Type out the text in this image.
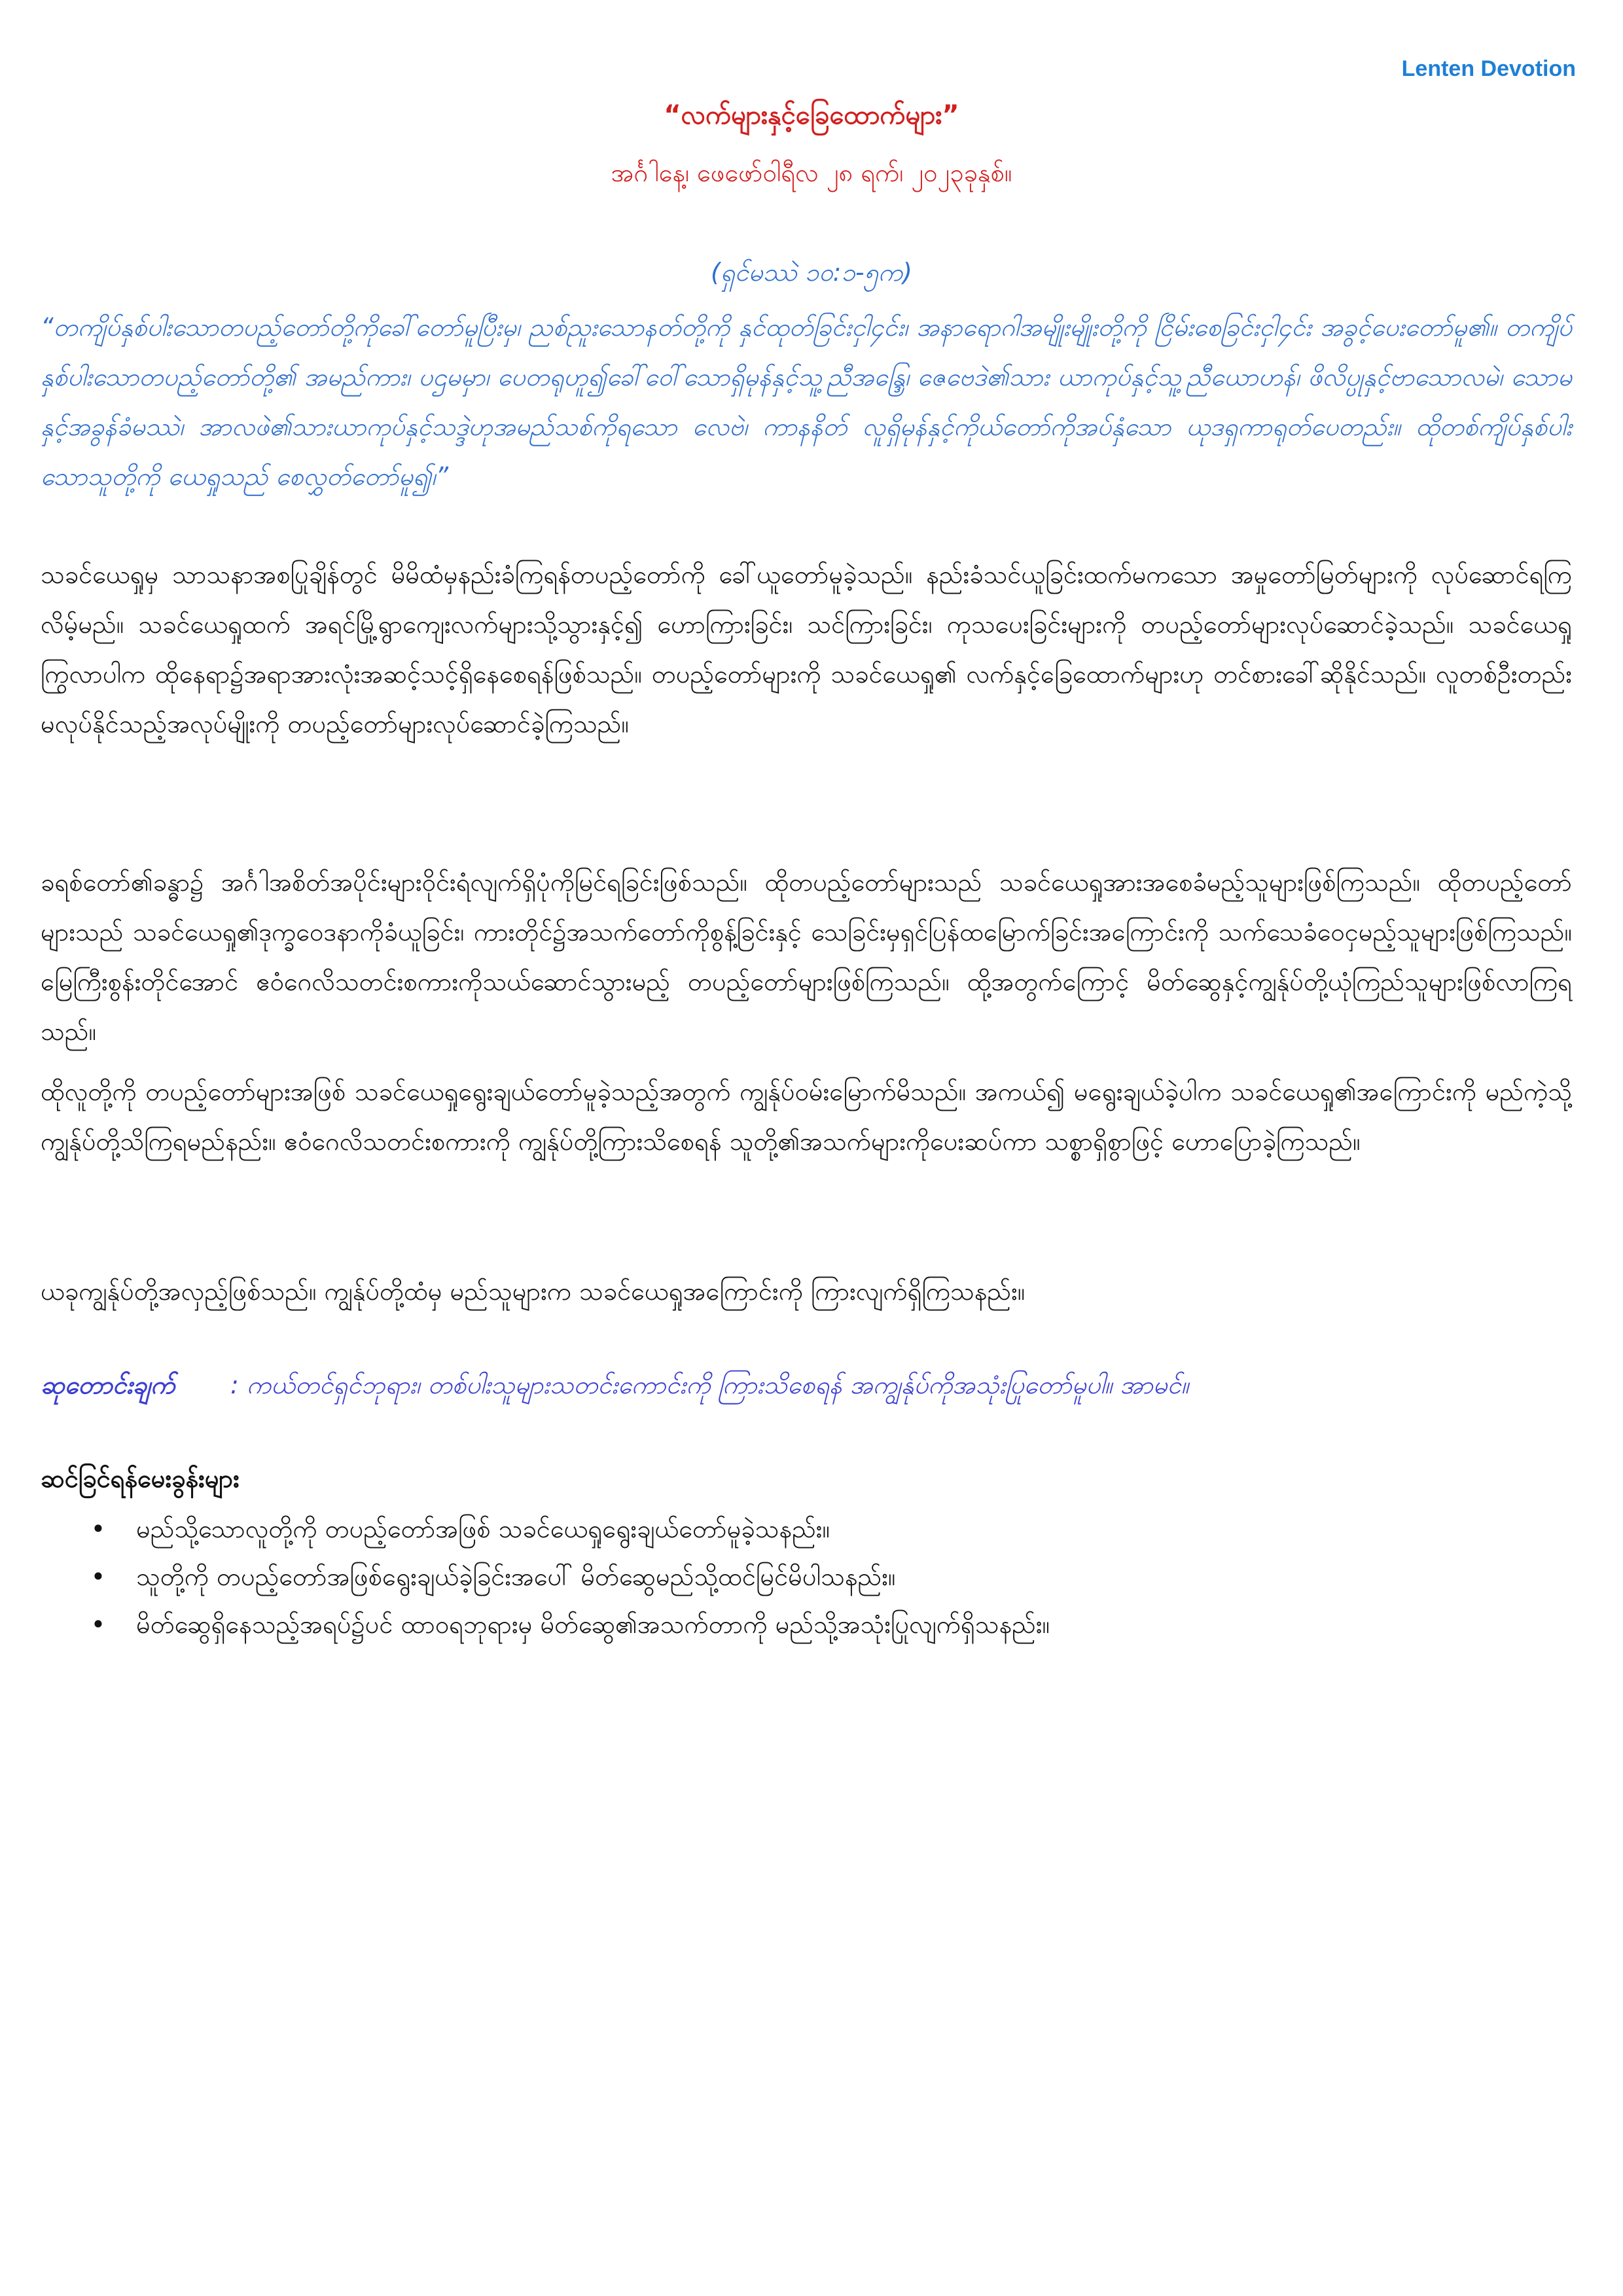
Lenten Devotion
“လက်များနှင့်ခြေထောက်များ”
အင်္ဂါနေ့၊ ဖေဖော်ဝါရီလ ၂၈ ရက်၊ ၂၀၂၃ခုနှစ်။
(ရှင်မဿဲ ၁၀:၁-၅က)
“တကျိပ်နှစ်ပါးသောတပည့်တော်တို့ကိုခေါ်တော်မူပြီးမှ၊ ညစ်ညူးသောနတ်တို့ကို နှင်ထုတ်ခြင်းငှါ၄င်း၊ အနာရောဂါအမျိုးမျိုးတို့ကို ငြိမ်းစေခြင်းငှါ၄င်း အခွင့်ပေးတော်မူ၏။ တကျိပ်နှစ်ပါးသောတပည့်တော်တို့၏ အမည်ကား၊ ပဌမမှာ၊ ပေတရုဟူ၍ခေါ်ဝေါ်သောရှိမုန်နှင့်သူ့ညီအန္ဒြေ၊ ဇေဗေဒဲ၏သား ယာကုပ်နှင့်သူ့ညီယောဟန်၊ ဖိလိပ္ပုနှင့်ဗာသောလမဲ၊ သောမနှင့်အခွန်ခံမဿဲ၊ အာလဖဲ၏သားယာကုပ်နှင့်သဒ္ဒဲဟုအမည်သစ်ကိုရသော လေဗဲ၊ ကာနနိတ် လူရှိမုန်နှင့်ကိုယ်တော်ကိုအပ်နှံသော ယုဒရှကာရုတ်ပေတည်း။ ထိုတစ်ကျိပ်နှစ်ပါးသောသူတို့ကို ယေရှုသည် စေလွှတ်တော်မူ၍၊”
သခင်ယေရှုမှ သာသနာအစပြုချိန်တွင် မိမိထံမှနည်းခံကြရန်တပည့်တော်ကို ခေါ်ယူတော်မူခဲ့သည်။ နည်းခံသင်ယူခြင်းထက်မကသော အမှုတော်မြတ်များကို လုပ်ဆောင်ရကြလိမ့်မည်။ သခင်ယေရှုထက် အရင်မြို့ရွာကျေးလက်များသို့သွားနှင့်၍ ဟောကြားခြင်း၊ သင်ကြားခြင်း၊ ကုသပေးခြင်းများကို တပည့်တော်များလုပ်ဆောင်ခဲ့သည်။ သခင်ယေရှုကြွလာပါက ထိုနေရာ၌အရာအားလုံးအဆင့်သင့်ရှိနေစေရန်ဖြစ်သည်။ တပည့်တော်များကို သခင်ယေရှု၏ လက်နှင့်ခြေထောက်များဟု တင်စားခေါ်ဆိုနိုင်သည်။ လူတစ်ဦးတည်းမလုပ်နိုင်သည့်အလုပ်မျိုးကို တပည့်တော်များလုပ်ဆောင်ခဲ့ကြသည်။
ခရစ်တော်၏ခန္ဓာ၌ အင်္ဂါအစိတ်အပိုင်းများဝိုင်းရံလျက်ရှိပုံကိုမြင်ရခြင်းဖြစ်သည်။ ထိုတပည့်တော်များသည် သခင်ယေရှုအားအစေခံမည့်သူများဖြစ်ကြသည်။ ထိုတပည့်တော်များသည် သခင်ယေရှု၏ဒုက္ခဝေဒနာကိုခံယူခြင်း၊ ကားတိုင်၌အသက်တော်ကိုစွန့်ခြင်းနှင့် သေခြင်းမှရှင်ပြန်ထမြောက်ခြင်းအကြောင်းကို သက်သေခံဝေငှမည့်သူများဖြစ်ကြသည်။ မြေကြီးစွန်းတိုင်အောင် ဧဝံဂေလိသတင်းစကားကိုသယ်ဆောင်သွားမည့် တပည့်တော်များဖြစ်ကြသည်။ ထို့အတွက်ကြောင့် မိတ်ဆွေနှင့်ကျွန်ုပ်တို့ယုံကြည်သူများဖြစ်လာကြရသည်။
ထိုလူတို့ကို တပည့်တော်များအဖြစ် သခင်ယေရှုရွေးချယ်တော်မူခဲ့သည့်အတွက် ကျွန်ုပ်ဝမ်းမြောက်မိသည်။ အကယ်၍ မရွေးချယ်ခဲ့ပါက သခင်ယေရှု၏အကြောင်းကို မည်ကဲ့သို့ကျွန်ုပ်တို့သိကြရမည်နည်း။ ဧဝံဂေလိသတင်းစကားကို ကျွန်ုပ်တို့ကြားသိစေရန် သူတို့၏အသက်များကိုပေးဆပ်ကာ သစ္စာရှိစွာဖြင့် ဟောပြောခဲ့ကြသည်။
ယခုကျွန်ုပ်တို့အလှည့်ဖြစ်သည်။ ကျွန်ုပ်တို့ထံမှ မည်သူများက သခင်ယေရှုအကြောင်းကို ကြားလျက်ရှိကြသနည်း။
ဆုတောင်းချက် : ကယ်တင်ရှင်ဘုရား၊ တစ်ပါးသူများသတင်းကောင်းကို ကြားသိစေရန် အကျွန်ုပ်ကိုအသုံးပြုတော်မူပါ။ အာမင်။
ဆင်ခြင်ရန်မေးခွန်းများ
• မည်သို့သောလူတို့ကို တပည့်တော်အဖြစ် သခင်ယေရှုရွေးချယ်တော်မူခဲ့သနည်း။
• သူတို့ကို တပည့်တော်အဖြစ်ရွေးချယ်ခဲ့ခြင်းအပေါ် မိတ်ဆွေမည်သို့ထင်မြင်မိပါသနည်း။
• မိတ်ဆွေရှိနေသည့်အရပ်၌ပင် ထာဝရဘုရားမှ မိတ်ဆွေ၏အသက်တာကို မည်သို့အသုံးပြုလျက်ရှိသနည်း။
